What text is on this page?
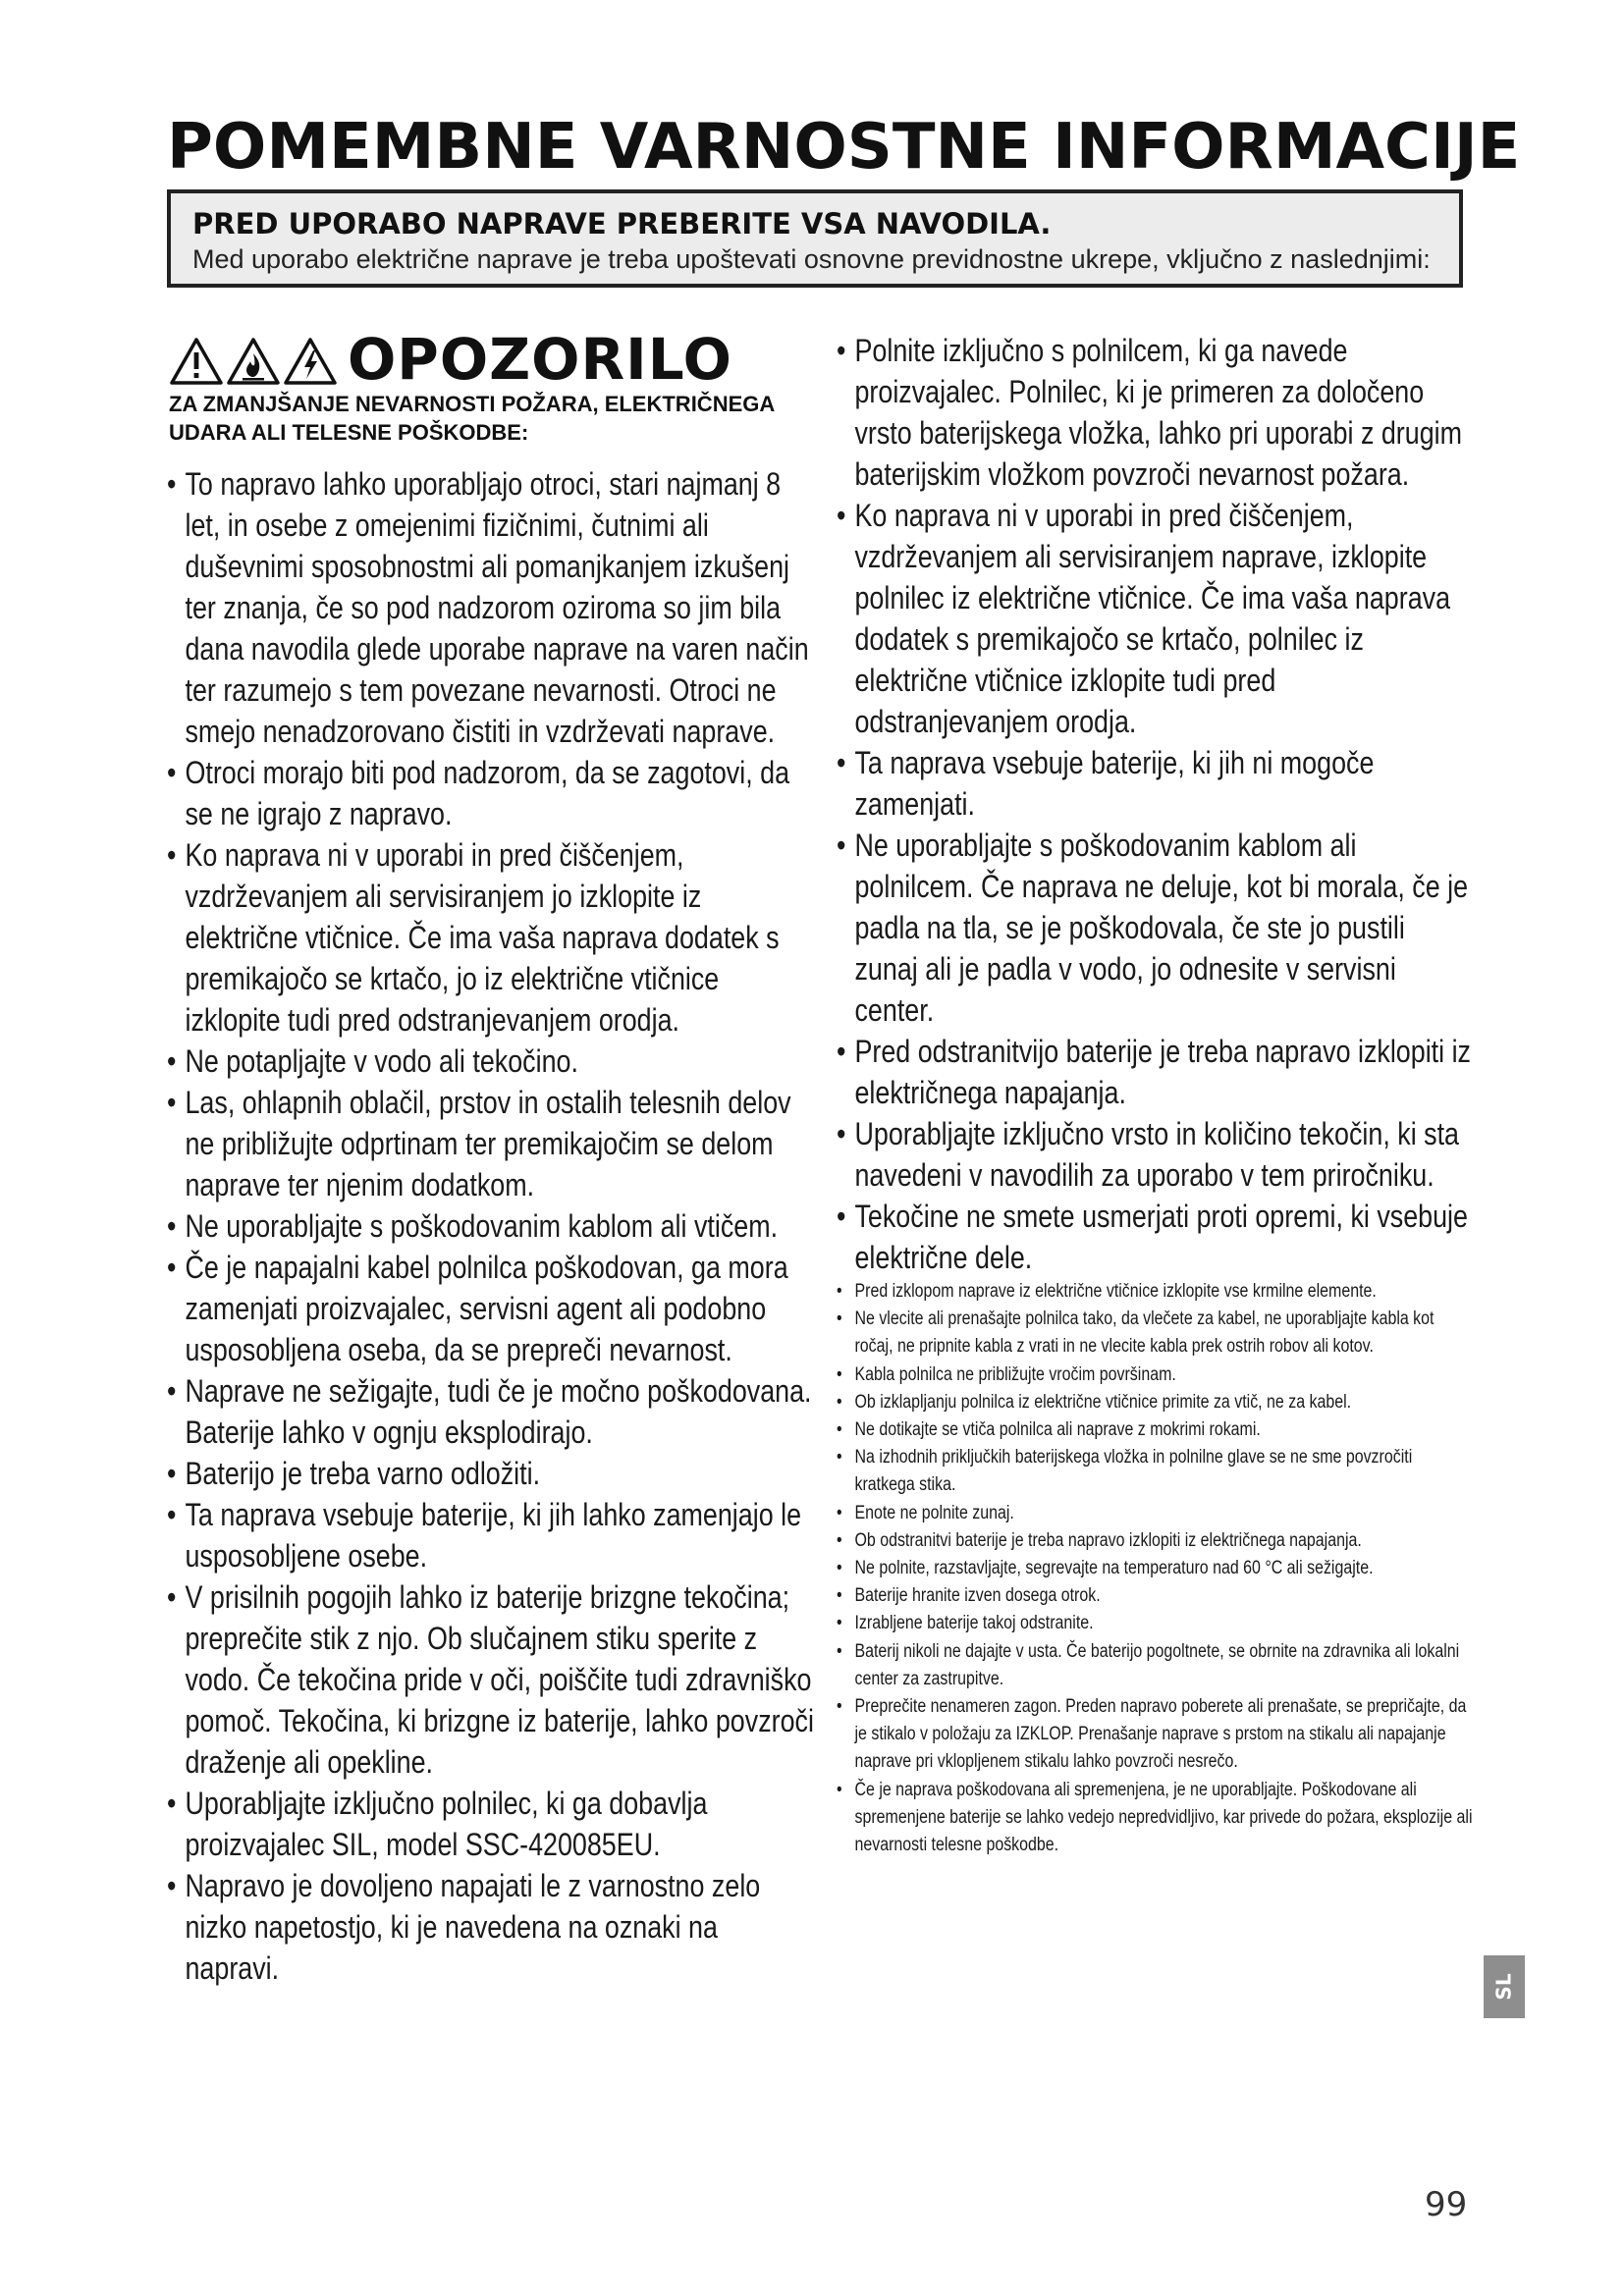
POMEMBNE VARNOSTNE INFORMACIJE
PRED UPORABO NAPRAVE PREBERITE VSA NAVODILA.
Med uporabo električne naprave je treba upoštevati osnovne previdnostne ukrepe, vključno z naslednjimi:
OPOZORILO
ZA ZMANJŠANJE NEVARNOSTI POŽARA, ELEKTRIČNEGA UDARA ALI TELESNE POŠKODBE:
• To napravo lahko uporabljajo otroci, stari najmanj 8 let, in osebe z omejenimi fizičnimi, čutnimi ali duševnimi sposobnostmi ali pomanjkanjem izkušenj ter znanja, če so pod nadzorom oziroma so jim bila dana navodila glede uporabe naprave na varen način ter razumejo s tem povezane nevarnosti. Otroci ne smejo nenadzorovano čistiti in vzdrževati naprave.
• Otroci morajo biti pod nadzorom, da se zagotovi, da se ne igrajo z napravo.
• Ko naprava ni v uporabi in pred čiščenjem, vzdrževanjem ali servisiranjem jo izklopite iz električne vtičnice. Če ima vaša naprava dodatek s premikajočo se krtačo, jo iz električne vtičnice izklopite tudi pred odstranjevanjem orodja.
• Ne potapljajte v vodo ali tekočino.
• Las, ohlapnih oblačil, prstov in ostalih telesnih delov ne približujte odprtinam ter premikajočim se delom naprave ter njenim dodatkom.
• Ne uporabljajte s poškodovanim kablom ali vtičem.
• Če je napajalni kabel polnilca poškodovan, ga mora zamenjati proizvajalec, servisni agent ali podobno usposobljena oseba, da se prepreči nevarnost.
• Naprave ne sežigajte, tudi če je močno poškodovana. Baterije lahko v ognju eksplodirajo.
• Baterijo je treba varno odložiti.
• Ta naprava vsebuje baterije, ki jih lahko zamenjajo le usposobljene osebe.
• V prisilnih pogojih lahko iz baterije brizgne tekočina; preprečite stik z njo. Ob slučajnem stiku sperite z vodo. Če tekočina pride v oči, poiščite tudi zdravniško pomoč. Tekočina, ki brizgne iz baterije, lahko povzroči draženje ali opekline.
• Uporabljajte izključno polnilec, ki ga dobavlja proizvajalec SIL, model SSC-420085EU.
• Napravo je dovoljeno napajati le z varnostno zelo nizko napetostjo, ki je navedena na oznaki na napravi.
• Polnite izključno s polnilcem, ki ga navede proizvajalec. Polnilec, ki je primeren za določeno vrsto baterijskega vložka, lahko pri uporabi z drugim baterijskim vložkom povzroči nevarnost požara.
• Ko naprava ni v uporabi in pred čiščenjem, vzdrževanjem ali servisiranjem naprave, izklopite polnilec iz električne vtičnice. Če ima vaša naprava dodatek s premikajočo se krtačo, polnilec iz električne vtičnice izklopite tudi pred odstranjevanjem orodja.
• Ta naprava vsebuje baterije, ki jih ni mogoče zamenjati.
• Ne uporabljajte s poškodovanim kablom ali polnilcem. Če naprava ne deluje, kot bi morala, če je padla na tla, se je poškodovala, če ste jo pustili zunaj ali je padla v vodo, jo odnesite v servisni center.
• Pred odstranitvijo baterije je treba napravo izklopiti iz električnega napajanja.
• Uporabljajte izključno vrsto in količino tekočin, ki sta navedeni v navodilih za uporabo v tem priročniku.
• Tekočine ne smete usmerjati proti opremi, ki vsebuje električne dele.
• Pred izklopom naprave iz električne vtičnice izklopite vse krmilne elemente.
• Ne vlecite ali prenašajte polnilca tako, da vlečete za kabel, ne uporabljajte kabla kot ročaj, ne pripnite kabla z vrati in ne vlecite kabla prek ostrih robov ali kotov.
• Kabla polnilca ne približujte vročim površinam.
• Ob izklapljanju polnilca iz električne vtičnice primite za vtič, ne za kabel.
• Ne dotikajte se vtiča polnilca ali naprave z mokrimi rokami.
• Na izhodnih priključkih baterijskega vložka in polnilne glave se ne sme povzročiti kratkega stika.
• Enote ne polnite zunaj.
• Ob odstranitvi baterije je treba napravo izklopiti iz električnega napajanja.
• Ne polnite, razstavljajte, segrevajte na temperaturo nad 60 °C ali sežigajte.
• Baterije hranite izven dosega otrok.
• Izrabljene baterije takoj odstranite.
• Baterij nikoli ne dajajte v usta. Če baterijo pogoltnete, se obrnite na zdravnika ali lokalni center za zastrupitve.
• Preprečite nenameren zagon. Preden napravo poberete ali prenašate, se prepričajte, da je stikalo v položaju za IZKLOP. Prenašanje naprave s prstom na stikalu ali napajanje naprave pri vklopljenem stikalu lahko povzroči nesrečo.
• Če je naprava poškodovana ali spremenjena, je ne uporabljajte. Poškodovane ali spremenjene baterije se lahko vedejo nepredvidljivo, kar privede do požara, eksplozije ali nevarnosti telesne poškodbe.
SL
99
